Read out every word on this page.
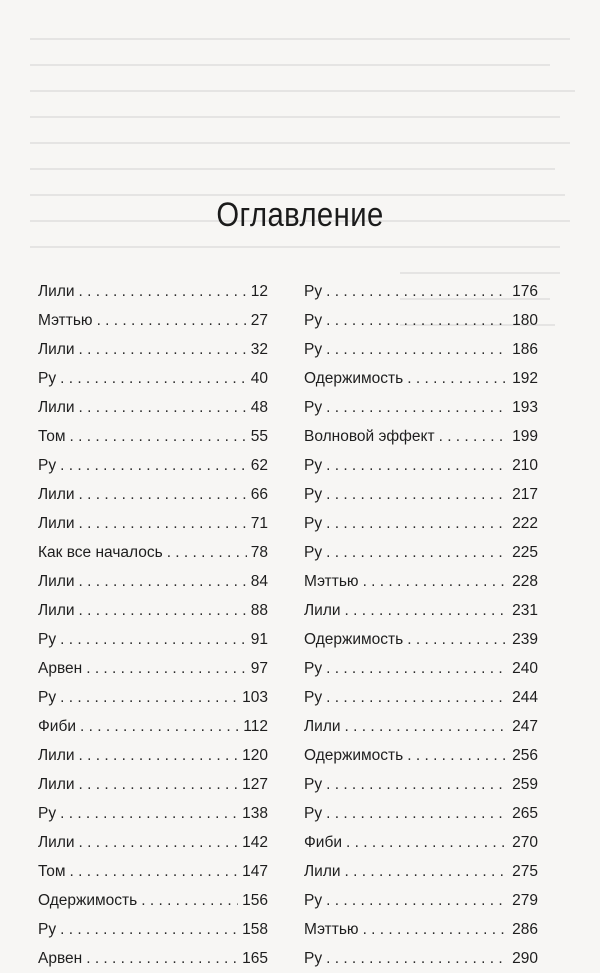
Оглавление
Лили . . .	12
Мэттью . . .	27
Лили . . .	32
Ру . . .	40
Лили . . .	48
Том . . .	55
Ру . . .	62
Лили . . .	66
Лили . . .	71
Как все началось . . .	78
Лили . . .	84
Лили . . .	88
Ру . . .	91
Арвен . . .	97
Ру . . .	103
Фиби . . .	112
Лили . . .	120
Лили . . .	127
Ру . . .	138
Лили . . .	142
Том . . .	147
Одержимость . . .	156
Ру . . .	158
Арвен . . .	165
Ру . . .	176
Ру . . .	180
Ру . . .	186
Одержимость . . .	192
Ру . . .	193
Волновой эффект . . .	199
Ру . . .	210
Ру . . .	217
Ру . . .	222
Ру . . .	225
Мэттью . . .	228
Лили . . .	231
Одержимость . . .	239
Ру . . .	240
Ру . . .	244
Лили . . .	247
Одержимость . . .	256
Ру . . .	259
Ру . . .	265
Фиби . . .	270
Лили . . .	275
Ру . . .	279
Мэттью . . .	286
Ру . . .	290
